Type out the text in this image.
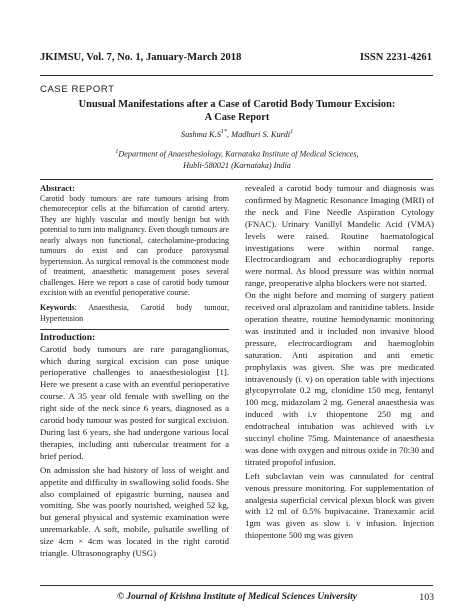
JKIMSU, Vol. 7, No. 1, January-March 2018	ISSN 2231-4261
CASE REPORT
Unusual Manifestations after a Case of Carotid Body Tumour Excision:
A Case Report
Sushma $K.S^{1*}$, Madhuri S. Kurdi$^1$
$^1$Department of Anaesthesiology, Karnataka Institute of Medical Sciences,
Hubli-580021 (Karnataka) India

Abstract:

Carotid body tumours are rare tumours arising from chemoreceptor cells at the bifurcation of carotid artery. They are highly vascular and mostly benign but with potential to turn into malignancy. Even though tumours are nearly always non functional, catecholamine-producing tumours do exist and can produce paroxysmal hypertension. As surgical removal is the commonest mode of treatment, anaesthetic management poses several challenges. Here we report a case of carotid body tumour excision with an eventful perioperative course.

Keywords: Anaesthesia, Carotid body tumour, Hypertension

Introduction:

Carotid body tumours are rare paragangliomas, which during surgical excision can pose unique perioperative challenges to anaesthesiologist [1]. Here we present a case with an eventful perioperative course. A 35 year old female with swelling on the right side of the neck since 6 years, diagnosed as a carotid body tumour was posted for surgical excision. During last 6 years, she had undergone various local therapies, including anti tubercular treatment for a brief period.

On admission she had history of loss of weight and appetite and difficulty in swallowing solid foods. She also complained of epigastric burning, nausea and vomiting. She was poorly nourished, weighed 52 kg, but general physical and systemic examination were unremarkable. A soft, mobile, pulsatile swelling of size 4cm × 4cm was located in the right carotid triangle. Ultrasonography (USG)

revealed a carotid body tumour and diagnosis was confirmed by Magnetic Resonance Imaging (MRI) of the neck and Fine Needle Aspiration Cytology (FNAC). Urinary Vanillyl Mandelic Acid (VMA) levels were raised. Routine haematological investigations were within normal range. Electrocardiogram and echocardiography reports were normal. As blood pressure was within normal range, preoperative alpha blockers were not started.

On the night before and morning of surgery patient received oral alprazolam and ranitidine tablets. Inside operation theatre, routine hemodynamic monitoring was instituted and it included non invasive blood pressure, electrocardiogram and haemoglobin saturation. Anti aspiration and anti emetic prophylaxis was given. She was pre medicated intravenously (i. v) on operation table with injections glycopyrrolate 0.2 mg, clonidine 150 mcg, fentanyl 100 mcg, midazolam 2 mg. General anaesthesia was induced with i.v thiopentone 250 mg and endotracheal intubation was achieved with i.v succinyl choline 75mg. Maintenance of anaesthesia was done with oxygen and nitrous oxide in 70:30 and titrated propofol infusion.

Left subclavian vein was cannulated for central venous pressure monitoring. For supplementation of analgesia superficial cervical plexus block was given with 12 ml of 0.5% bupivacaine. Tranexamic acid 1gm was given as slow i. v infusion. Injection thiopentone 500 mg was given

© Journal of Krishna Institute of Medical Sciences University	103
